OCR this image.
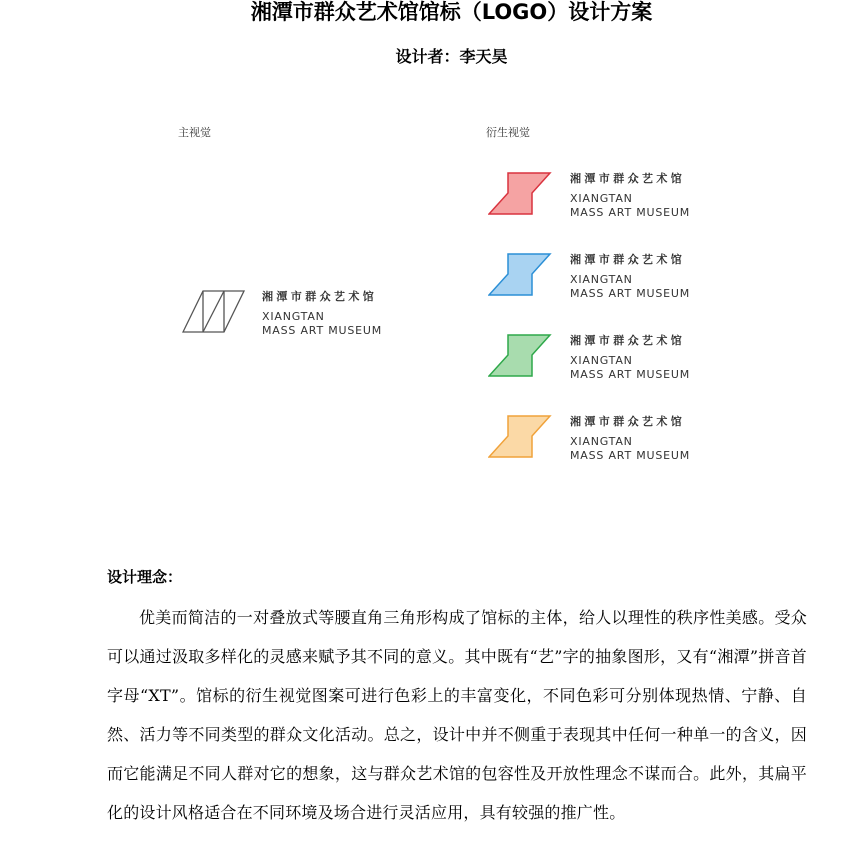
湘潭市群众艺术馆馆标（LOGO）设计方案
设计者：李天昊
主视觉
湘潭市群众艺术馆
XIANGTAN
MASS ART MUSEUM
衍生视觉
湘潭市群众艺术馆
XIANGTAN
MASS ART MUSEUM
湘潭市群众艺术馆
XIANGTAN
MASS ART MUSEUM
湘潭市群众艺术馆
XIANGTAN
MASS ART MUSEUM
湘潭市群众艺术馆
XIANGTAN
MASS ART MUSEUM
设计理念：
优美而简洁的一对叠放式等腰直角三角形构成了馆标的主体，给人以理性的秩序性美感。受众可以通过汲取多样化的灵感来赋予其不同的意义。其中既有“艺”字的抽象图形，又有“湘潭”拼音首字母“XT”。馆标的衍生视觉图案可进行色彩上的丰富变化，不同色彩可分别体现热情、宁静、自然、活力等不同类型的群众文化活动。总之，设计中并不侧重于表现其中任何一种单一的含义，因而它能满足不同人群对它的想象，这与群众艺术馆的包容性及开放性理念不谋而合。此外，其扁平化的设计风格适合在不同环境及场合进行灵活应用，具有较强的推广性。
